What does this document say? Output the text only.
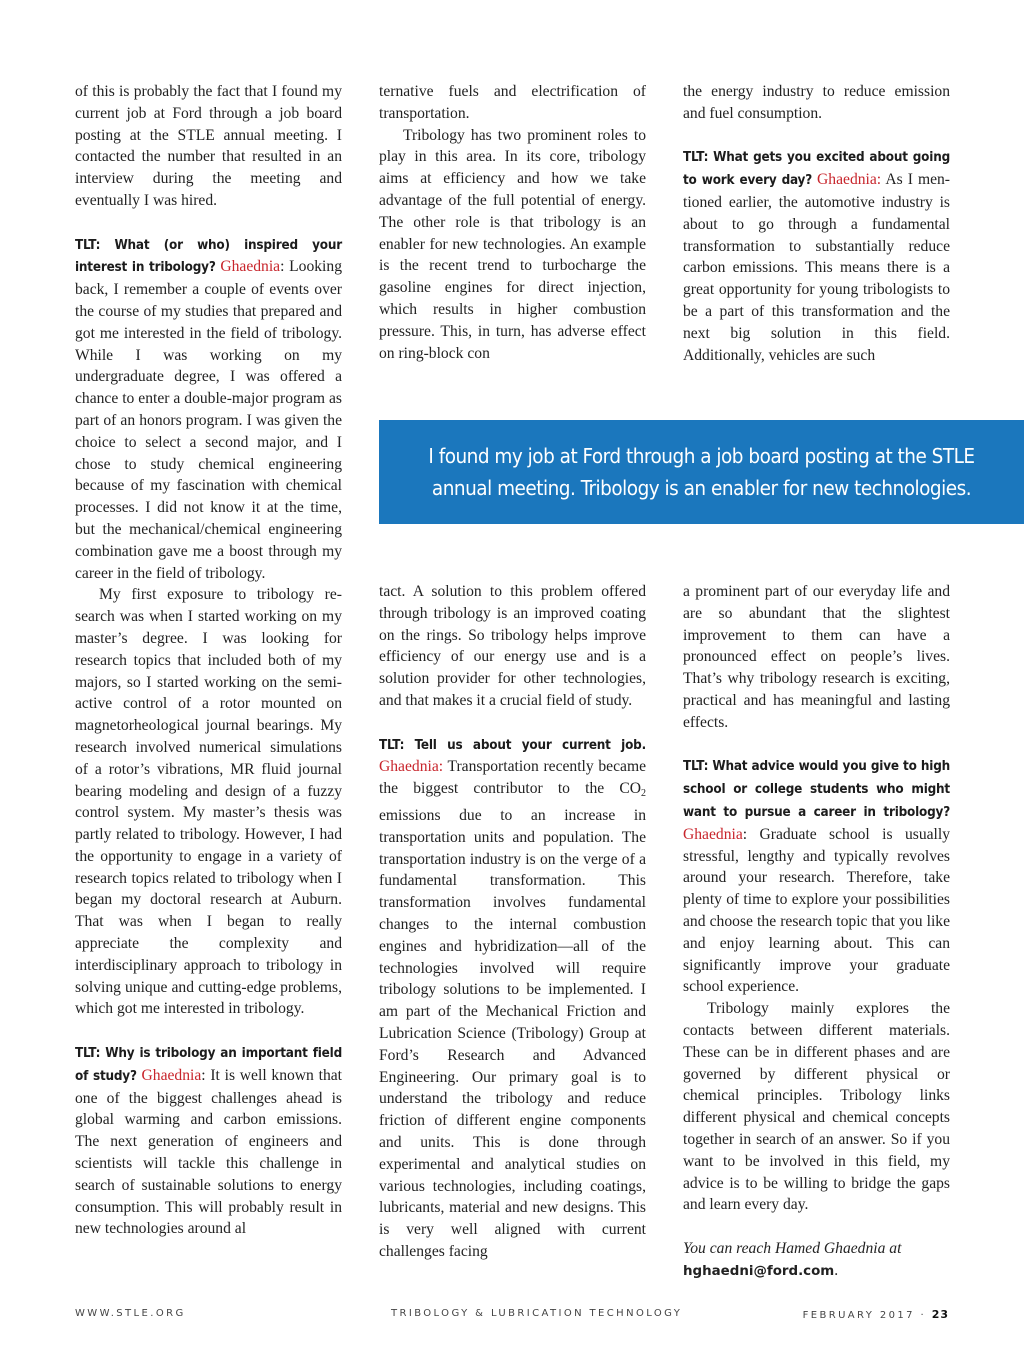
of this is probably the fact that I found my current job at Ford through a job board posting at the STLE annual meeting. I contacted the number that resulted in an interview during the meeting and eventually I was hired.

TLT: What (or who) inspired your interest in tribology? Ghaednia: Looking back, I remember a couple of events over the course of my studies that prepared and got me interested in the field of tribology. While I was working on my undergraduate degree, I was offered a chance to enter a double-major program as part of an honors program. I was given the choice to select a second major, and I chose to study chemical engineering because of my fascination with chemical processes. I did not know it at the time, but the mechanical/chemical engineering combination gave me a boost through my career in the field of tribology.

My first exposure to tribology research was when I started working on my master’s degree. I was looking for research topics that included both of my majors, so I started working on the semi-active control of a rotor mounted on magnetorheological journal bearings. My research involved numerical simulations of a rotor’s vibrations, MR fluid journal bearing modeling and design of a fuzzy control system. My master’s thesis was partly related to tribology. However, I had the opportunity to engage in a variety of research topics related to tribology when I began my doctoral research at Auburn. That was when I began to really appreciate the complexity and interdisciplinary approach to tribology in solving unique and cutting-edge problems, which got me interested in tribology.

TLT: Why is tribology an important field of study? Ghaednia: It is well known that one of the biggest challenges ahead is global warming and carbon emissions. The next generation of engineers and scientists will tackle this challenge in search of sustainable solutions to energy consumption. This will probably result in new technologies around al

ternative fuels and electrification of transportation.

Tribology has two prominent roles to play in this area. In its core, tribology aims at efficiency and how we take advantage of the full potential of energy. The other role is that tribology is an enabler for new technologies. An example is the recent trend to turbocharge the gasoline engines for direct injection, which results in higher combustion pressure. This, in turn, has adverse effect on ring-block con

the energy industry to reduce emission and fuel consumption.

TLT: What gets you excited about going to work every day? Ghaednia: As I mentioned earlier, the automotive industry is about to go through a fundamental transformation to substantially reduce carbon emissions. This means there is a great opportunity for young tribologists to be a part of this transformation and the next big solution in this field. Additionally, vehicles are such

I found my job at Ford through a job board posting at the STLE
annual meeting. Tribology is an enabler for new technologies.

tact. A solution to this problem offered through tribology is an improved coating on the rings. So tribology helps improve efficiency of our energy use and is a solution provider for other technologies, and that makes it a crucial field of study.

TLT: Tell us about your current job. Ghaednia: Transportation recently became the biggest contributor to the $CO_2$ emissions due to an increase in transportation units and population. The transportation industry is on the verge of a fundamental transformation. This transformation involves fundamental changes to the internal combustion engines and hybridization—all of the technologies involved will require tribology solutions to be implemented. I am part of the Mechanical Friction and Lubrication Science (Tribology) Group at Ford’s Research and Advanced Engineering. Our primary goal is to understand the tribology and reduce friction of different engine components and units. This is done through experimental and analytical studies on various technologies, including coatings, lubricants, material and new designs. This is very well aligned with current challenges facing

a prominent part of our everyday life and are so abundant that the slightest improvement to them can have a pronounced effect on people’s lives. That’s why tribology research is exciting, practical and has meaningful and lasting effects.

TLT: What advice would you give to high school or college students who might want to pursue a career in tribology? Ghaednia: Graduate school is usually stressful, lengthy and typically revolves around your research. Therefore, take plenty of time to explore your possibilities and choose the research topic that you like and enjoy learning about. This can significantly improve your graduate school experience.

Tribology mainly explores the contacts between different materials. These can be in different phases and are governed by different physical or chemical principles. Tribology links different physical and chemical concepts together in search of an answer. So if you want to be involved in this field, my advice is to be willing to bridge the gaps and learn every day.

You can reach Hamed Ghaednia at
hghaedni@ford.com.

WWW.STLE.ORG	TRIBOLOGY & LUBRICATION TECHNOLOGY	FEBRUARY 2017 · 23
